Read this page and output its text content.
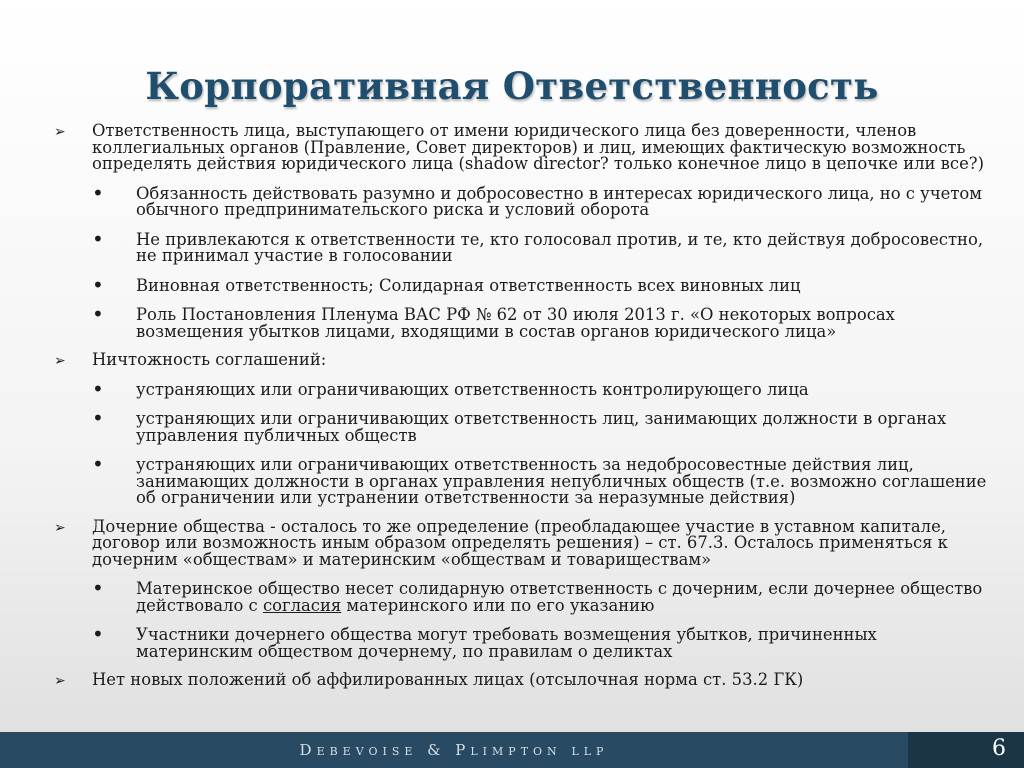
Корпоративная Ответственность
➢ Ответственность лица, выступающего от имени юридического лица без доверенности, членов коллегиальных органов (Правление, Совет директоров) и лиц, имеющих фактическую возможность определять действия юридического лица (shadow director? только конечное лицо в цепочке или все?)
• Обязанность действовать разумно и добросовестно в интересах юридического лица, но с учетом обычного предпринимательского риска и условий оборота
• Не привлекаются к ответственности те, кто голосовал против, и те, кто действуя добросовестно, не принимал участие в голосовании
• Виновная ответственность; Солидарная ответственность всех виновных лиц
• Роль Постановления Пленума ВАС РФ № 62 от 30 июля 2013 г. «О некоторых вопросах возмещения убытков лицами, входящими в состав органов юридического лица»
➢ Ничтожность соглашений:
• устраняющих или ограничивающих ответственность контролирующего лица
• устраняющих или ограничивающих ответственность лиц, занимающих должности в органах управления публичных обществ
• устраняющих или ограничивающих ответственность за недобросовестные действия лиц, занимающих должности в органах управления непубличных обществ (т.е. возможно соглашение об ограничении или устранении ответственности за неразумные действия)
➢ Дочерние общества - осталось то же определение (преобладающее участие в уставном капитале, договор или возможность иным образом определять решения) – ст. 67.3. Осталось применяться к дочерним «обществам» и материнским «обществам и товариществам»
• Материнское общество несет солидарную ответственность с дочерним, если дочернее общество действовало с согласия материнского или по его указанию
• Участники дочернего общества могут требовать возмещения убытков, причиненных материнским обществом дочернему, по правилам о деликтах
➢ Нет новых положений об аффилированных лицах (отсылочная норма ст. 53.2 ГК)
Debevoise & Plimpton llp	6
